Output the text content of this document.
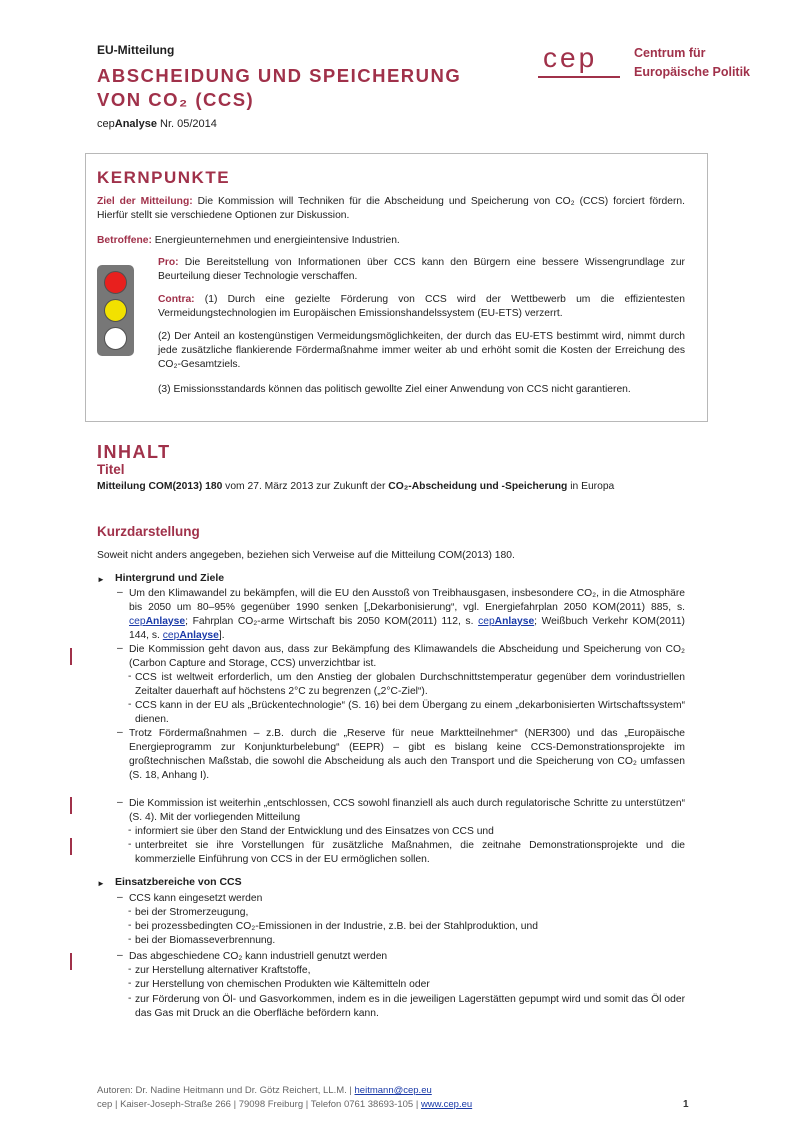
EU-Mitteilung
ABSCHEIDUNG UND SPEICHERUNG
VON CO₂ (CCS)
cepAnalyse Nr. 05/2014
cep	Centrum für
Europäische Politik
KERNPUNKTE
Ziel der Mitteilung: Die Kommission will Techniken für die Abscheidung und Speicherung von CO₂ (CCS) forciert fördern. Hierfür stellt sie verschiedene Optionen zur Diskussion.
Betroffene: Energieunternehmen und energieintensive Industrien.
Pro: Die Bereitstellung von Informationen über CCS kann den Bürgern eine bessere Wissengrundlage zur Beurteilung dieser Technologie verschaffen.
Contra: (1) Durch eine gezielte Förderung von CCS wird der Wettbewerb um die effizientesten Vermeidungstechnologien im Europäischen Emissionshandelssystem (EU-ETS) verzerrt.
(2) Der Anteil an kostengünstigen Vermeidungsmöglichkeiten, der durch das EU-ETS bestimmt wird, nimmt durch jede zusätzliche flankierende Fördermaßnahme immer weiter ab und erhöht somit die Kosten der Erreichung des CO₂-Gesamtziels.
(3) Emissionsstandards können das politisch gewollte Ziel einer Anwendung von CCS nicht garantieren.
INHALT
Titel
Mitteilung COM(2013) 180 vom 27. März 2013 zur Zukunft der CO₂-Abscheidung und -Speicherung in Europa
Kurzdarstellung
Soweit nicht anders angegeben, beziehen sich Verweise auf die Mitteilung COM(2013) 180.
► Hintergrund und Ziele
– Um den Klimawandel zu bekämpfen, will die EU den Ausstoß von Treibhausgasen, insbesondere CO₂, in die Atmosphäre bis 2050 um 80–95% gegenüber 1990 senken [„Dekarbonisierung“, vgl. Energiefahrplan 2050 KOM(2011) 885, s. cepAnlayse; Fahrplan CO₂-arme Wirtschaft bis 2050 KOM(2011) 112, s. cepAnlayse; Weißbuch Verkehr KOM(2011) 144, s. cepAnlayse].
– Die Kommission geht davon aus, dass zur Bekämpfung des Klimawandels die Abscheidung und Speicherung von CO₂ (Carbon Capture and Storage, CCS) unverzichtbar ist.
- CCS ist weltweit erforderlich, um den Anstieg der globalen Durchschnittstemperatur gegenüber dem vorindustriellen Zeitalter dauerhaft auf höchstens 2°C zu begrenzen („2°C-Ziel“).
- CCS kann in der EU als „Brückentechnologie“ (S. 16) bei dem Übergang zu einem „dekarbonisierten Wirtschaftssystem“ dienen.
– Trotz Fördermaßnahmen – z.B. durch die „Reserve für neue Marktteilnehmer“ (NER300) und das „Europäische Energieprogramm zur Konjunkturbelebung“ (EEPR) – gibt es bislang keine CCS-Demonstrationsprojekte im großtechnischen Maßstab, die sowohl die Abscheidung als auch den Transport und die Speicherung von CO₂ umfassen (S. 18, Anhang I).
– Die Kommission ist weiterhin „entschlossen, CCS sowohl finanziell als auch durch regulatorische Schritte zu unterstützen“ (S. 4). Mit der vorliegenden Mitteilung
- informiert sie über den Stand der Entwicklung und des Einsatzes von CCS und
- unterbreitet sie ihre Vorstellungen für zusätzliche Maßnahmen, die zeitnahe Demonstrationsprojekte und die kommerzielle Einführung von CCS in der EU ermöglichen sollen.
► Einsatzbereiche von CCS
– CCS kann eingesetzt werden
- bei der Stromerzeugung,
- bei prozessbedingten CO₂-Emissionen in der Industrie, z.B. bei der Stahlproduktion, und
- bei der Biomasseverbrennung.
– Das abgeschiedene CO₂ kann industriell genutzt werden
- zur Herstellung alternativer Kraftstoffe,
- zur Herstellung von chemischen Produkten wie Kältemitteln oder
- zur Förderung von Öl- und Gasvorkommen, indem es in die jeweiligen Lagerstätten gepumpt wird und somit das Öl oder das Gas mit Druck an die Oberfläche befördern kann.
Autoren: Dr. Nadine Heitmann und Dr. Götz Reichert, LL.M. | heitmann@cep.eu
cep | Kaiser-Joseph-Straße 266 | 79098 Freiburg | Telefon 0761 38693-105 | www.cep.eu	1
